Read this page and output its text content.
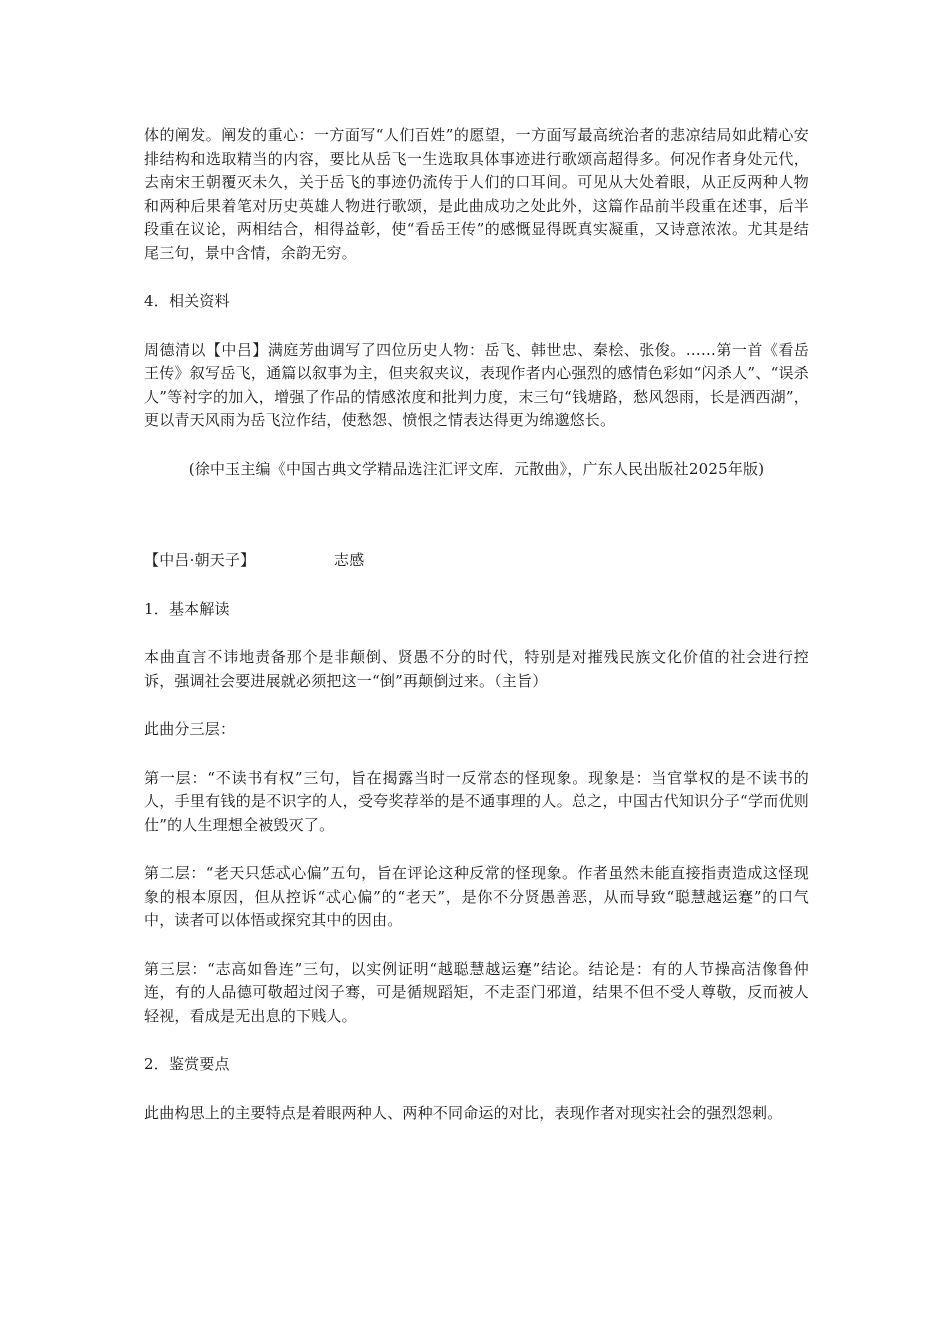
体的阐发。阐发的重心：一方面写“人们百姓”的愿望，一方面写最高统治者的悲凉结局如此精心安排结构和选取精当的内容，要比从岳飞一生选取具体事迹进行歌颂高超得多。何况作者身处元代，去南宋王朝覆灭未久，关于岳飞的事迹仍流传于人们的口耳间。可见从大处着眼，从正反两种人物和两种后果着笔对历史英雄人物进行歌颂，是此曲成功之处此外，这篇作品前半段重在述事，后半段重在议论，两相结合，相得益彰，使“看岳王传”的感慨显得既真实凝重，又诗意浓浓。尤其是结尾三句，景中含情，余韵无穷。

4．相关资料

周德清以【中吕】满庭芳曲调写了四位历史人物：岳飞、韩世忠、秦桧、张俊。……第一首《看岳王传》叙写岳飞，通篇以叙事为主，但夹叙夹议，表现作者内心强烈的感情色彩如“闪杀人”、“误杀人”等衬字的加入，增强了作品的情感浓度和批判力度，末三句“钱塘路，愁风怨雨，长是洒西湖”，更以青天风雨为岳飞泣作结，使愁怨、愤恨之情表达得更为绵邈悠长。

(徐中玉主编《中国古典文学精品选注汇评文库．元散曲》，广东人民出版社2025年版)

【中吕·朝天子】	志感

1．基本解读

本曲直言不讳地责备那个是非颠倒、贤愚不分的时代，特别是对摧残民族文化价值的社会进行控诉，强调社会要进展就必须把这一“倒”再颠倒过来。（主旨）

此曲分三层：

第一层：“不读书有权”三句，旨在揭露当时一反常态的怪现象。现象是：当官掌权的是不读书的人，手里有钱的是不识字的人，受夸奖荐举的是不通事理的人。总之，中国古代知识分子“学而优则仕”的人生理想全被毁灭了。

第二层：“老天只恁忒心偏”五句，旨在评论这种反常的怪现象。作者虽然未能直接指责造成这怪现象的根本原因，但从控诉“忒心偏”的“老天”，是你不分贤愚善恶，从而导致“聪慧越运蹇”的口气中，读者可以体悟或探究其中的因由。

第三层：“志高如鲁连”三句，以实例证明“越聪慧越运蹇”结论。结论是：有的人节操高洁像鲁仲连，有的人品德可敬超过闵子骞，可是循规蹈矩，不走歪门邪道，结果不但不受人尊敬，反而被人轻视，看成是无出息的下贱人。

2．鉴赏要点

此曲构思上的主要特点是着眼两种人、两种不同命运的对比，表现作者对现实社会的强烈怨刺。
